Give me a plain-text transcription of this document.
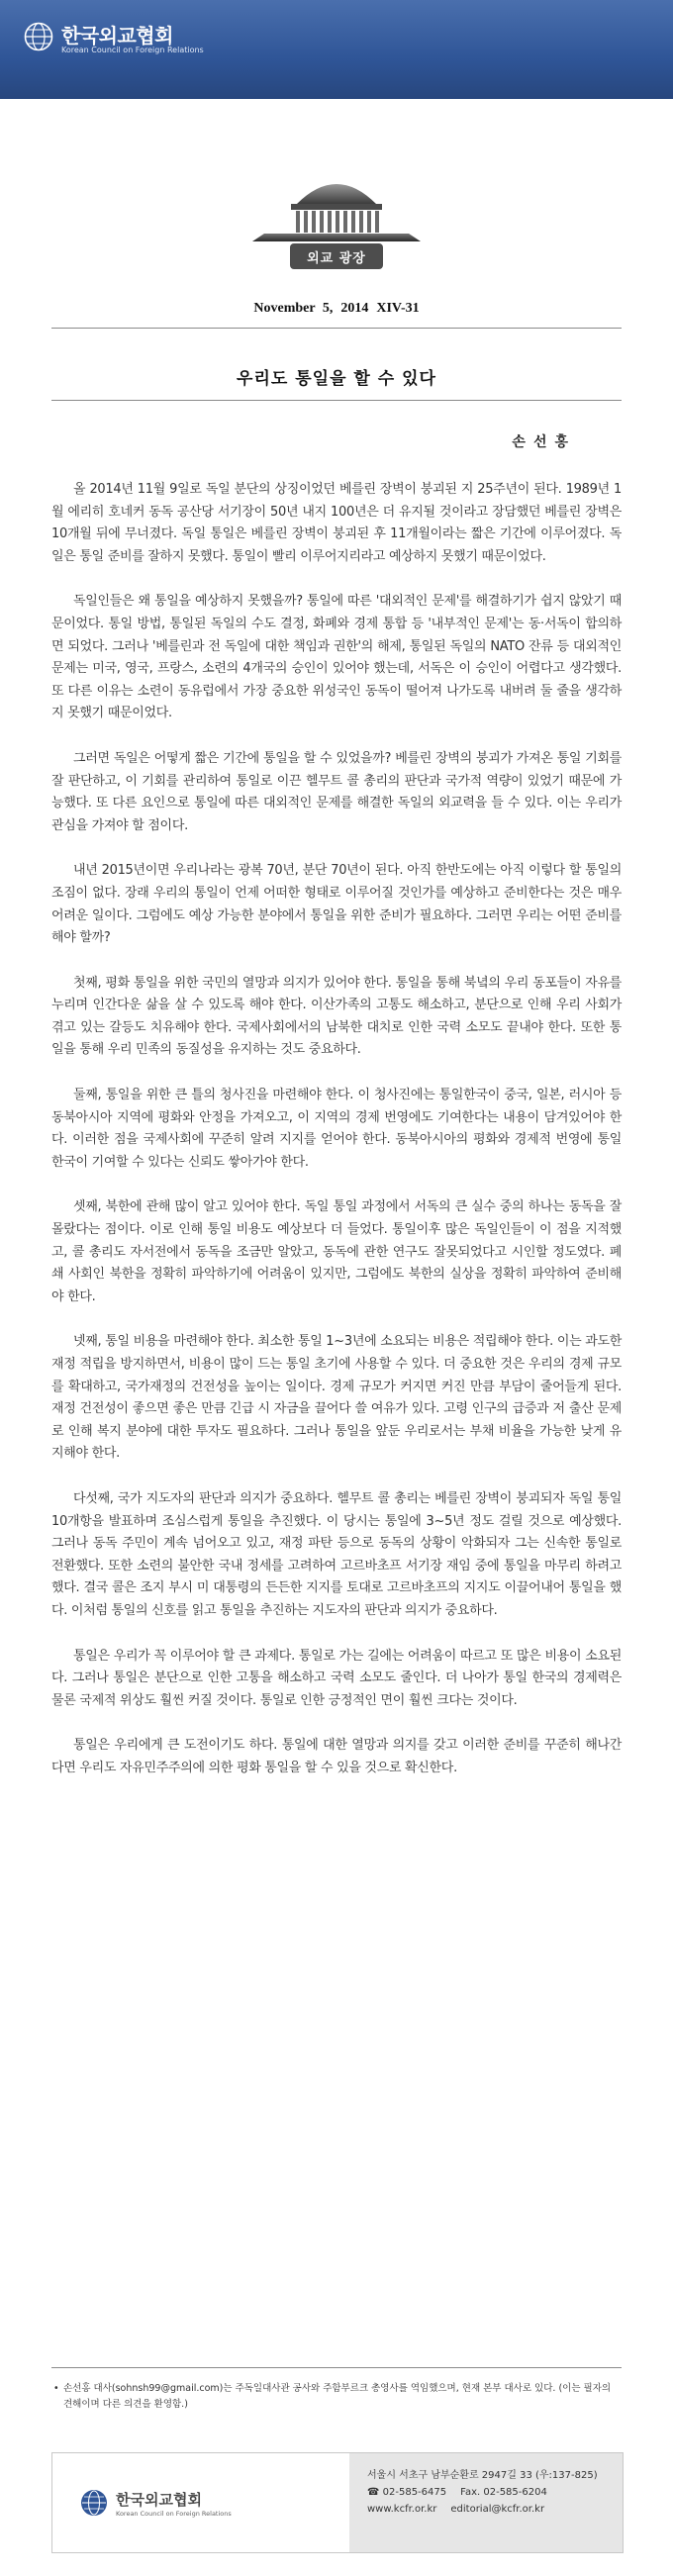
한국외교협회
Korean Council on Foreign Relations
외교 광장
November 5, 2014 XIV-31
우리도 통일을 할 수 있다
손선홍

올 2014년 11월 9일로 독일 분단의 상징이었던 베를린 장벽이 붕괴된 지 25주년이 된다. 1989년 1월 에리히 호네커 동독 공산당 서기장이 50년 내지 100년은 더 유지될 것이라고 장담했던 베를린 장벽은 10개월 뒤에 무너졌다. 독일 통일은 베를린 장벽이 붕괴된 후 11개월이라는 짧은 기간에 이루어졌다. 독일은 통일 준비를 잘하지 못했다. 통일이 빨리 이루어지리라고 예상하지 못했기 때문이었다.

독일인들은 왜 통일을 예상하지 못했을까? 통일에 따른 '대외적인 문제'를 해결하기가 쉽지 않았기 때문이었다. 통일 방법, 통일된 독일의 수도 결정, 화폐와 경제 통합 등 '내부적인 문제'는 동·서독이 합의하면 되었다. 그러나 '베를린과 전 독일에 대한 책임과 권한'의 해제, 통일된 독일의 NATO 잔류 등 대외적인 문제는 미국, 영국, 프랑스, 소련의 4개국의 승인이 있어야 했는데, 서독은 이 승인이 어렵다고 생각했다. 또 다른 이유는 소련이 동유럽에서 가장 중요한 위성국인 동독이 떨어져 나가도록 내버려 둘 줄을 생각하지 못했기 때문이었다.

그러면 독일은 어떻게 짧은 기간에 통일을 할 수 있었을까? 베를린 장벽의 붕괴가 가져온 통일 기회를 잘 판단하고, 이 기회를 관리하여 통일로 이끈 헬무트 콜 총리의 판단과 국가적 역량이 있었기 때문에 가능했다. 또 다른 요인으로 통일에 따른 대외적인 문제를 해결한 독일의 외교력을 들 수 있다. 이는 우리가 관심을 가져야 할 점이다.

내년 2015년이면 우리나라는 광복 70년, 분단 70년이 된다. 아직 한반도에는 아직 이렇다 할 통일의 조짐이 없다. 장래 우리의 통일이 언제 어떠한 형태로 이루어질 것인가를 예상하고 준비한다는 것은 매우 어려운 일이다. 그럼에도 예상 가능한 분야에서 통일을 위한 준비가 필요하다. 그러면 우리는 어떤 준비를 해야 할까?

첫째, 평화 통일을 위한 국민의 열망과 의지가 있어야 한다. 통일을 통해 북녘의 우리 동포들이 자유를 누리며 인간다운 삶을 살 수 있도록 해야 한다. 이산가족의 고통도 해소하고, 분단으로 인해 우리 사회가 겪고 있는 갈등도 치유해야 한다. 국제사회에서의 남북한 대치로 인한 국력 소모도 끝내야 한다. 또한 통일을 통해 우리 민족의 동질성을 유지하는 것도 중요하다.

둘째, 통일을 위한 큰 틀의 청사진을 마련해야 한다. 이 청사진에는 통일한국이 중국, 일본, 러시아 등 동북아시아 지역에 평화와 안정을 가져오고, 이 지역의 경제 번영에도 기여한다는 내용이 담겨있어야 한다. 이러한 점을 국제사회에 꾸준히 알려 지지를 얻어야 한다. 동북아시아의 평화와 경제적 번영에 통일 한국이 기여할 수 있다는 신뢰도 쌓아가야 한다.

셋째, 북한에 관해 많이 알고 있어야 한다. 독일 통일 과정에서 서독의 큰 실수 중의 하나는 동독을 잘 몰랐다는 점이다. 이로 인해 통일 비용도 예상보다 더 들었다. 통일이후 많은 독일인들이 이 점을 지적했고, 콜 총리도 자서전에서 동독을 조금만 알았고, 동독에 관한 연구도 잘못되었다고 시인할 정도였다. 폐쇄 사회인 북한을 정확히 파악하기에 어려움이 있지만, 그럼에도 북한의 실상을 정확히 파악하여 준비해야 한다.

넷째, 통일 비용을 마련해야 한다. 최소한 통일 1~3년에 소요되는 비용은 적립해야 한다. 이는 과도한 재정 적립을 방지하면서, 비용이 많이 드는 통일 초기에 사용할 수 있다. 더 중요한 것은 우리의 경제 규모를 확대하고, 국가재정의 건전성을 높이는 일이다. 경제 규모가 커지면 커진 만큼 부담이 줄어들게 된다. 재정 건전성이 좋으면 좋은 만큼 긴급 시 자금을 끌어다 쓸 여유가 있다. 고령 인구의 급증과 저 출산 문제로 인해 복지 분야에 대한 투자도 필요하다. 그러나 통일을 앞둔 우리로서는 부채 비율을 가능한 낮게 유지해야 한다.

다섯째, 국가 지도자의 판단과 의지가 중요하다. 헬무트 콜 총리는 베를린 장벽이 붕괴되자 독일 통일 10개항을 발표하며 조심스럽게 통일을 추진했다. 이 당시는 통일에 3~5년 정도 걸릴 것으로 예상했다. 그러나 동독 주민이 계속 넘어오고 있고, 재정 파탄 등으로 동독의 상황이 악화되자 그는 신속한 통일로 전환했다. 또한 소련의 불안한 국내 정세를 고려하여 고르바초프 서기장 재임 중에 통일을 마무리 하려고 했다. 결국 콜은 조지 부시 미 대통령의 든든한 지지를 토대로 고르바초프의 지지도 이끌어내어 통일을 했다. 이처럼 통일의 신호를 읽고 통일을 추진하는 지도자의 판단과 의지가 중요하다.

통일은 우리가 꼭 이루어야 할 큰 과제다. 통일로 가는 길에는 어려움이 따르고 또 많은 비용이 소요된다. 그러나 통일은 분단으로 인한 고통을 해소하고 국력 소모도 줄인다. 더 나아가 통일 한국의 경제력은 물론 국제적 위상도 훨씬 커질 것이다. 통일로 인한 긍정적인 면이 훨씬 크다는 것이다.

통일은 우리에게 큰 도전이기도 하다. 통일에 대한 열망과 의지를 갖고 이러한 준비를 꾸준히 해나간다면 우리도 자유민주주의에 의한 평화 통일을 할 수 있을 것으로 확신한다.

• 손선홍 대사(sohnsh99@gmail.com)는 주독일대사관 공사와 주함부르크 총영사를 역임했으며, 현재 본부 대사로 있다. (이는 필자의 견해이며 다른 의견을 환영함.)
한국외교협회
Korean Council on Foreign Relations
서울시 서초구 남부순환로 2947길 33 (우:137-825)
☎ 02-585-6475 Fax. 02-585-6204
www.kcfr.or.kr editorial@kcfr.or.kr
